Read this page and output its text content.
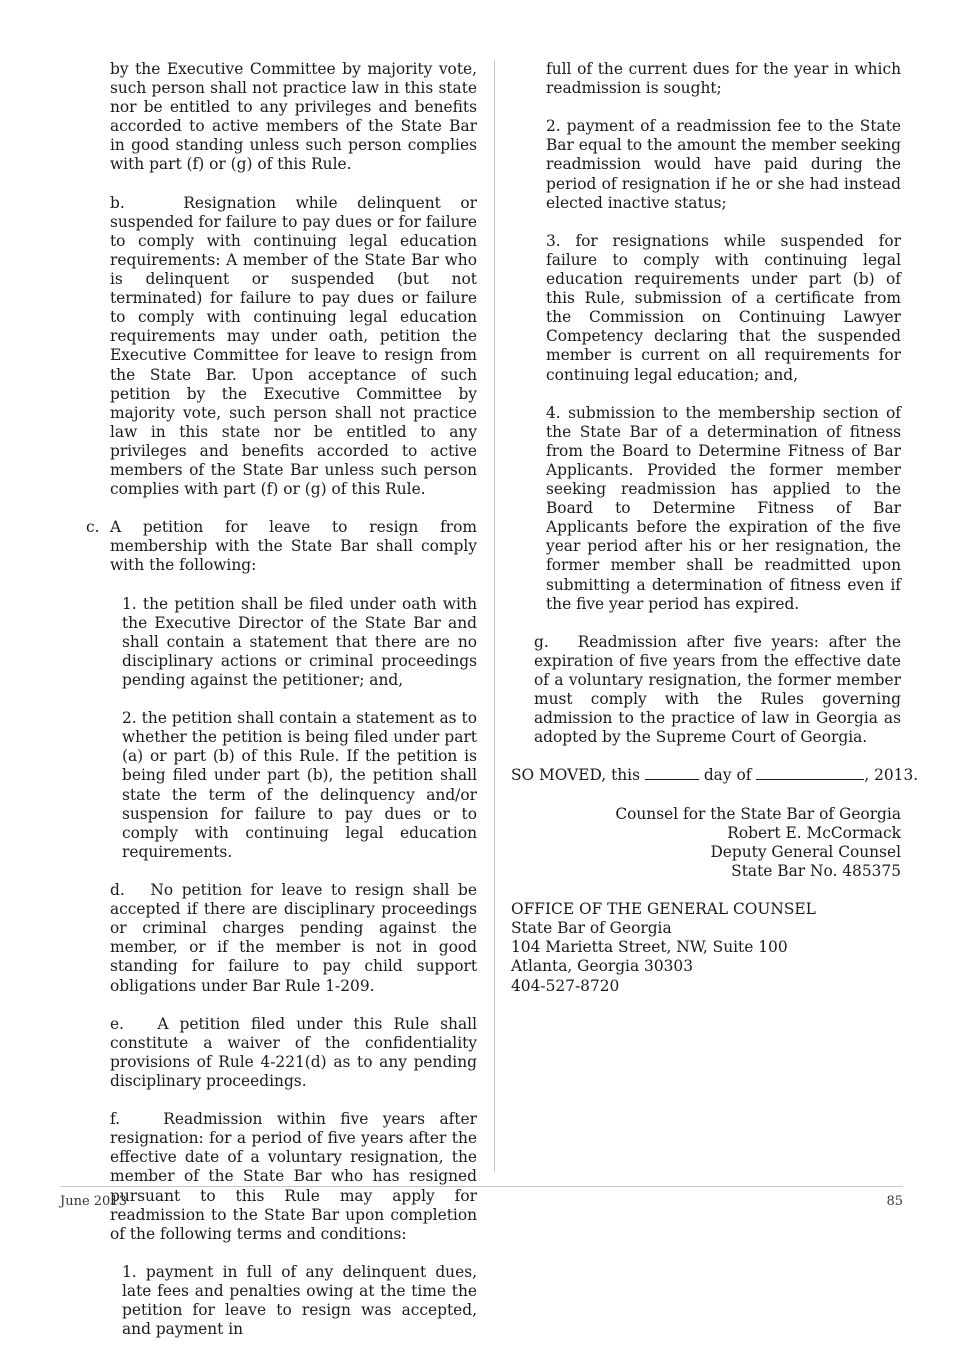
by the Executive Committee by majority vote, such person shall not practice law in this state nor be entitled to any privileges and benefits accorded to active members of the State Bar in good standing unless such person complies with part (f) or (g) of this Rule.

b.   Resignation while delinquent or suspended for failure to pay dues or for failure to comply with continuing legal education requirements: A member of the State Bar who is delinquent or suspended (but not terminated) for failure to pay dues or failure to comply with continuing legal education requirements may under oath, petition the Executive Committee for leave to resign from the State Bar. Upon acceptance of such petition by the Executive Committee by majority vote, such person shall not practice law in this state nor be entitled to any privileges and benefits accorded to active members of the State Bar unless such person complies with part (f) or (g) of this Rule.

c. A petition for leave to resign from membership with the State Bar shall comply with the following:

1. the petition shall be filed under oath with the Executive Director of the State Bar and shall contain a statement that there are no disciplinary actions or criminal proceedings pending against the petitioner; and,

2. the petition shall contain a statement as to whether the petition is being filed under part (a) or part (b) of this Rule. If the petition is being filed under part (b), the petition shall state the term of the delinquency and/or suspension for failure to pay dues or to comply with continuing legal education requirements.

d.   No petition for leave to resign shall be accepted if there are disciplinary proceedings or criminal charges pending against the member, or if the member is not in good standing for failure to pay child support obligations under Bar Rule 1-209.

e.   A petition filed under this Rule shall constitute a waiver of the confidentiality provisions of Rule 4-221(d) as to any pending disciplinary proceedings.

f.   Readmission within five years after resignation: for a period of five years after the effective date of a voluntary resignation, the member of the State Bar who has resigned pursuant to this Rule may apply for readmission to the State Bar upon completion of the following terms and conditions:

1. payment in full of any delinquent dues, late fees and penalties owing at the time the petition for leave to resign was accepted, and payment in

full of the current dues for the year in which readmission is sought;

2. payment of a readmission fee to the State Bar equal to the amount the member seeking readmission would have paid during the period of resignation if he or she had instead elected inactive status;

3. for resignations while suspended for failure to comply with continuing legal education requirements under part (b) of this Rule, submission of a certificate from the Commission on Continuing Lawyer Competency declaring that the suspended member is current on all requirements for continuing legal education; and,

4. submission to the membership section of the State Bar of a determination of fitness from the Board to Determine Fitness of Bar Applicants. Provided the former member seeking readmission has applied to the Board to Determine Fitness of Bar Applicants before the expiration of the five year period after his or her resignation, the former member shall be readmitted upon submitting a determination of fitness even if the five year period has expired.

g.   Readmission after five years: after the expiration of five years from the effective date of a voluntary resignation, the former member must comply with the Rules governing admission to the practice of law in Georgia as adopted by the Supreme Court of Georgia.

SO MOVED, this	day of	, 2013.

Counsel for the State Bar of Georgia

Robert E. McCormack

Deputy General Counsel

State Bar No. 485375

OFFICE OF THE GENERAL COUNSEL

State Bar of Georgia

104 Marietta Street, NW, Suite 100

Atlanta, Georgia 30303

404-527-8720

June 2013	85
